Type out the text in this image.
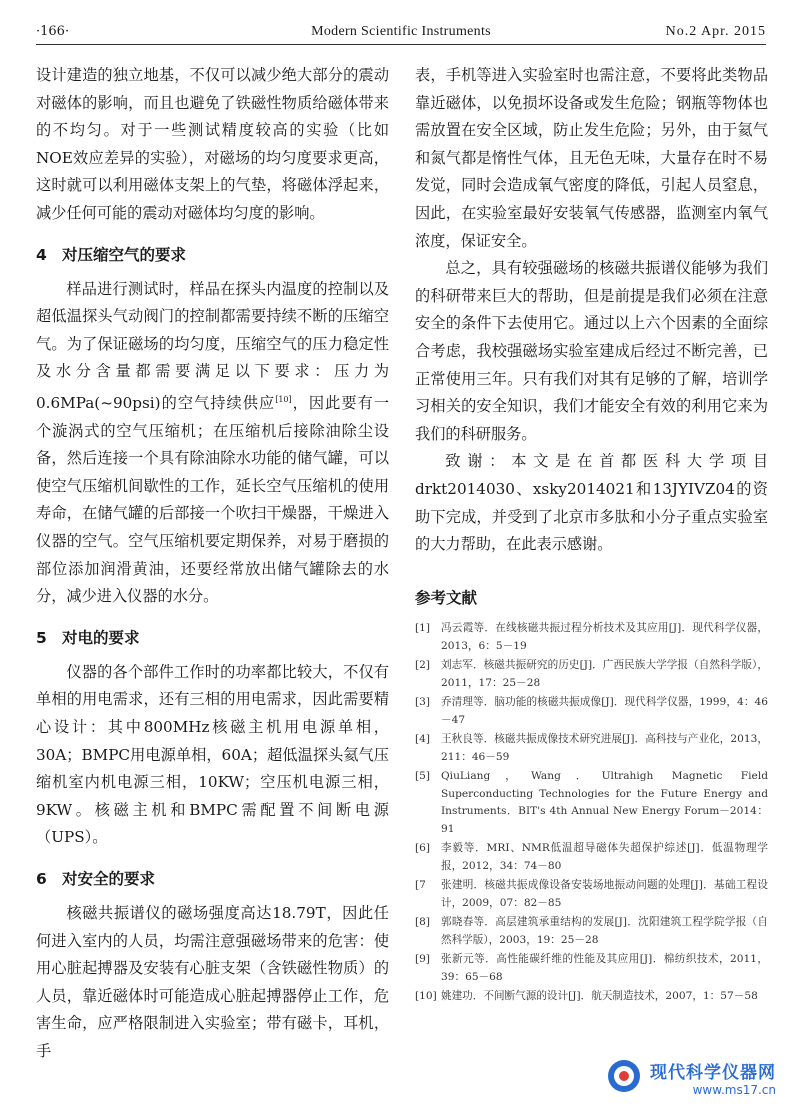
·166·	Modern Scientific Instruments	No.2 Apr. 2015

设计建造的独立地基，不仅可以减少绝大部分的震动对磁体的影响，而且也避免了铁磁性物质给磁体带来的不均匀。对于一些测试精度较高的实验（比如NOE效应差异的实验），对磁场的均匀度要求更高，这时就可以利用磁体支架上的气垫，将磁体浮起来，减少任何可能的震动对磁体均匀度的影响。

4 对压缩空气的要求

样品进行测试时，样品在探头内温度的控制以及超低温探头气动阀门的控制都需要持续不断的压缩空气。为了保证磁场的均匀度，压缩空气的压力稳定性及水分含量都需要满足以下要求：压力为0.6MPa(~90psi)的空气持续供应[10]，因此要有一个漩涡式的空气压缩机；在压缩机后接除油除尘设备，然后连接一个具有除油除水功能的储气罐，可以使空气压缩机间歇性的工作，延长空气压缩机的使用寿命，在储气罐的后部接一个吹扫干燥器，干燥进入仪器的空气。空气压缩机要定期保养，对易于磨损的部位添加润滑黄油，还要经常放出储气罐除去的水分，减少进入仪器的水分。

5 对电的要求

仪器的各个部件工作时的功率都比较大，不仅有单相的用电需求，还有三相的用电需求，因此需要精心设计：其中800MHz核磁主机用电源单相，30A；BMPC用电源单相，60A；超低温探头氦气压缩机室内机电源三相，10KW；空压机电源三相，9KW。核磁主机和BMPC需配置不间断电源（UPS）。

6 对安全的要求

核磁共振谱仪的磁场强度高达18.79T，因此任何进入室内的人员，均需注意强磁场带来的危害：使用心脏起搏器及安装有心脏支架（含铁磁性物质）的人员，靠近磁体时可能造成心脏起搏器停止工作，危害生命，应严格限制进入实验室；带有磁卡，耳机，手

表，手机等进入实验室时也需注意，不要将此类物品靠近磁体，以免损坏设备或发生危险；钢瓶等物体也需放置在安全区域，防止发生危险；另外，由于氦气和氮气都是惰性气体，且无色无味，大量存在时不易发觉，同时会造成氧气密度的降低，引起人员窒息，因此，在实验室最好安装氧气传感器，监测室内氧气浓度，保证安全。

总之，具有较强磁场的核磁共振谱仪能够为我们的科研带来巨大的帮助，但是前提是我们必须在注意安全的条件下去使用它。通过以上六个因素的全面综合考虑，我校强磁场实验室建成后经过不断完善，已正常使用三年。只有我们对其有足够的了解，培训学习相关的安全知识，我们才能安全有效的利用它来为我们的科研服务。

致谢：本文是在首都医科大学项目drkt2014030、xsky2014021和13JYIVZ04的资助下完成，并受到了北京市多肽和小分子重点实验室的大力帮助，在此表示感谢。

参考文献
[1]	冯云霞等．在线核磁共振过程分析技术及其应用[J]．现代科学仪器，2013，6：5－19
[2]	刘志军．核磁共振研究的历史[J]．广西民族大学学报（自然科学版），2011，17：25－28
[3]	乔清理等．脑功能的核磁共振成像[J]．现代科学仪器，1999，4：46－47
[4]	王秋良等．核磁共振成像技术研究进展[J]．高科技与产业化，2013，211：46－59
[5]	QiuLiang，Wang．Ultrahigh Magnetic Field Superconducting Technologies for the Future Energy and Instruments．BIT's 4th Annual New Energy Forum－2014：91
[6]	李毅等．MRI、NMR低温超导磁体失超保护综述[J]．低温物理学报，2012，34：74－80
[7	张建明．核磁共振成像设备安装场地振动问题的处理[J]．基础工程设计，2009，07：82－85
[8]	郭晓春等．高层建筑承重结构的发展[J]．沈阳建筑工程学院学报（自然科学版），2003，19：25－28
[9]	张新元等．高性能碳纤维的性能及其应用[J]．棉纺织技术，2011，39：65－68
[10] 姚建功．不间断气源的设计[J]．航天制造技术，2007，1：57－58
现代科学仪器网
www.ms17.cn
